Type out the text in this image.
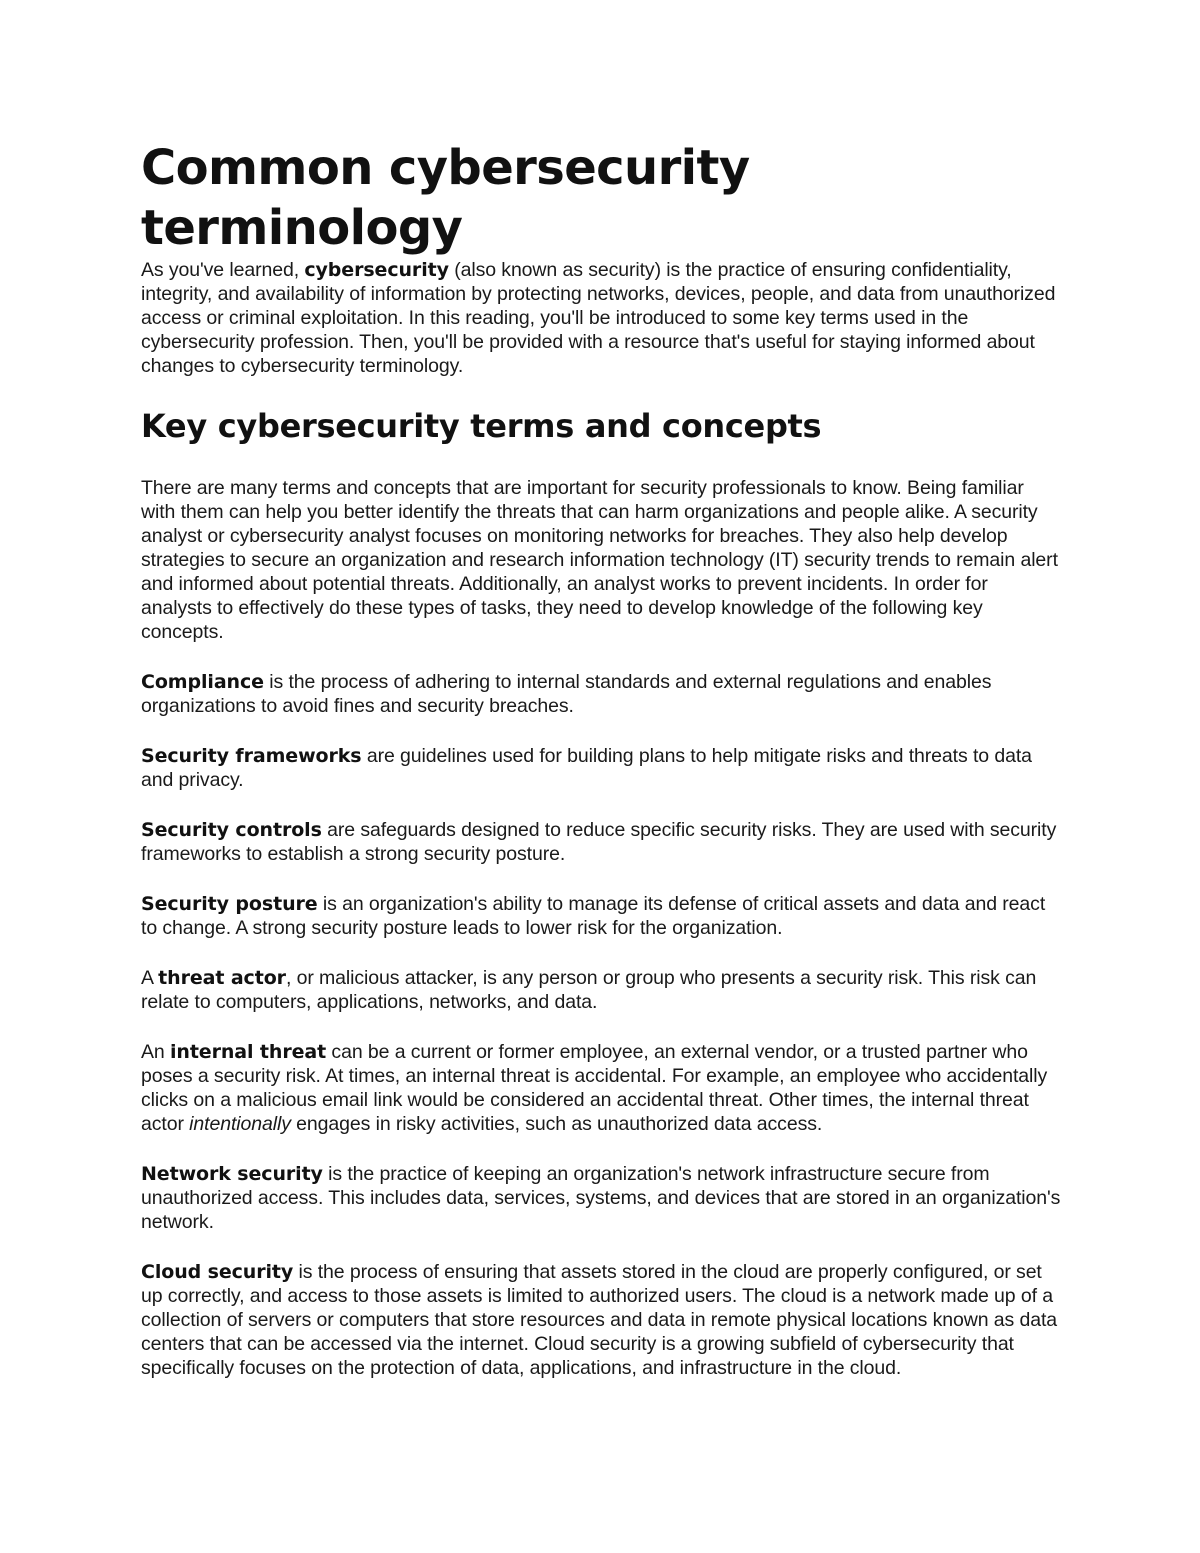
Common cybersecurity terminology

As you've learned, cybersecurity (also known as security) is the practice of ensuring confidentiality, integrity, and availability of information by protecting networks, devices, people, and data from unauthorized access or criminal exploitation. In this reading, you'll be introduced to some key terms used in the cybersecurity profession. Then, you'll be provided with a resource that's useful for staying informed about changes to cybersecurity terminology.

Key cybersecurity terms and concepts

There are many terms and concepts that are important for security professionals to know. Being familiar with them can help you better identify the threats that can harm organizations and people alike. A security analyst or cybersecurity analyst focuses on monitoring networks for breaches. They also help develop strategies to secure an organization and research information technology (IT) security trends to remain alert and informed about potential threats. Additionally, an analyst works to prevent incidents. In order for analysts to effectively do these types of tasks, they need to develop knowledge of the following key concepts.

Compliance is the process of adhering to internal standards and external regulations and enables organizations to avoid fines and security breaches.

Security frameworks are guidelines used for building plans to help mitigate risks and threats to data and privacy.

Security controls are safeguards designed to reduce specific security risks. They are used with security frameworks to establish a strong security posture.

Security posture is an organization's ability to manage its defense of critical assets and data and react to change. A strong security posture leads to lower risk for the organization.

A threat actor, or malicious attacker, is any person or group who presents a security risk. This risk can relate to computers, applications, networks, and data.

An internal threat can be a current or former employee, an external vendor, or a trusted partner who poses a security risk. At times, an internal threat is accidental. For example, an employee who accidentally clicks on a malicious email link would be considered an accidental threat. Other times, the internal threat actor intentionally engages in risky activities, such as unauthorized data access.

Network security is the practice of keeping an organization's network infrastructure secure from unauthorized access. This includes data, services, systems, and devices that are stored in an organization's network.

Cloud security is the process of ensuring that assets stored in the cloud are properly configured, or set up correctly, and access to those assets is limited to authorized users. The cloud is a network made up of a collection of servers or computers that store resources and data in remote physical locations known as data centers that can be accessed via the internet. Cloud security is a growing subfield of cybersecurity that specifically focuses on the protection of data, applications, and infrastructure in the cloud.
